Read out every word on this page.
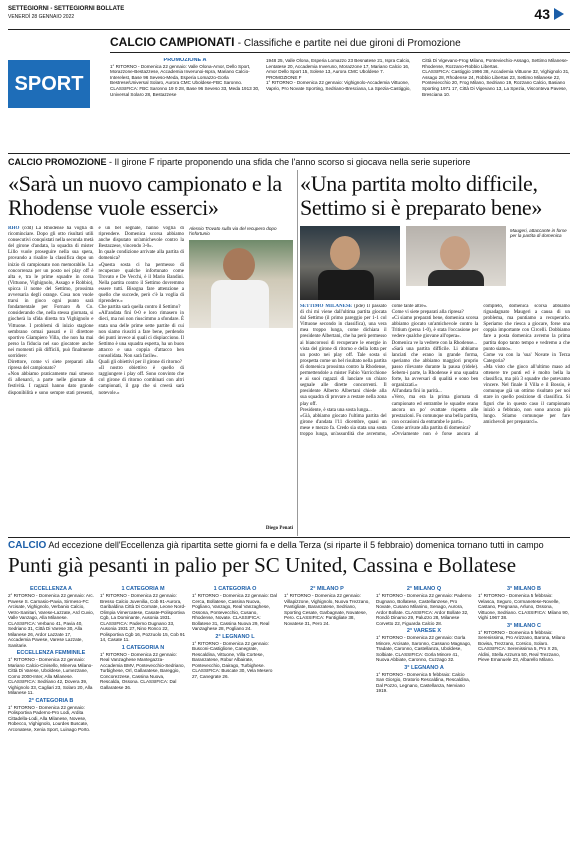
SETTEGIORNI - SETTEGIORNI BOLLATE
VENERDÌ 28 GENNAIO 2022	43
SPORT
CALCIO CAMPIONATI - Classifiche e partite nei due gironi di Promozione
PROMOZIONE A
1° RITORNO - Domenica 22 gennaio: Valle Olona-Amor, Dello Sport, Morazzone-Bestazzese, Accademia Inverunoi-Ispra, Mariano Calcio-Interelest, Base 96 Seveso-Meda, Esperia Lomazzo-Gorla Bestrese/Universal Solaro, Aurora CMC Uboldese-FBC Saronno.
CLASSIFICA: FBC Saronno 19 0 28, Base 96 Seveso 33, Meda 1913 30, Universal Solaro 28, Bestazzese
1948 25, Valle Olona, Esperia Lomazzo 23 Besnatese 21, Ispra Calcio, Lentatese 20, Accademia Inveruno, Morazzone 17, Mariano Calcio 16, Amor Dello Sport 15, Solese 13, Aurora CMC Uboldese 7.
PROMOZIONE F
1° RITORNO - Domenica 22 gennaio: Vighignolo-Accademia Vittuone, Vaprio, Pro Novate Sporting, Sedriano-Bresciana, La Spezia-Castiggio,
Città Di Vigevano-Frog Milano, Ponteviechio-Assago, Settimo Milanese-Rhodense, Rozzano-Robbio Libertas.
CLASSIFICA: Castiggio 1996 38, Accademia Vittuone 32, Vighignolo 31, Assago 28, Rhodense 24, Robbio Libertas 23, Settimo Milanese 22, Ponteviecchio 20, Frog Milano, Sedriano 19, Rozzano Calcio, Basiano Sporting 1971 17, Città Di Vigevano 13, La Spezia, Visconteva Pavese, Bresciana 10.
CALCIO PROMOZIONE - Il girone F riparte proponendo una sfida che l'anno scorso si giocava nella serie superiore
«Sarà un nuovo campionato e la Rhodense vuole esserci»
«Una partita molto difficile, Settimo si è preparato bene»
RHO (cdd) La Rhodense ha voglia di ricominciare. Dopo gli otto risultati utili consecutivi conquistati nella seconda metà del girone d'andata, la squadra di mister Lillo vuole proseguire nella sua spera, provando a risalire la classifica dopo un inizio di campionato non memorabile. La concorrenza per un posto nei play off è alta e, tra le prime squadre in corsa (Vittuone, Vighignolo, Assago e Robbio), spicca il nome del Settimo, prossima avversaria degli orange. Cosa non vuole trarsi in gioco ogni punto sarà fondamentale per Fornaro & Co. considerando che, nella stessa giornata, si giocherà la sfida diretta tra Vighignolo e Vittuone. I problemi di inizio stagione sembrano ormai passati e il direttore sportivo Giampiero Villa, che non ha mai perso la fiducia nel suo giocatore anche nei momenti più difficili, può finalmente sorridere:
Direttore, come vi siete preparati alla ripresa del campionato?
«Non abbiamo praticamente mai smesso di allenarci, a parte nelle giornate di festività. I ragazzi hanno dato grande disponibilità e sono sempre stati presenti, è un bel segnale, hanno voglia di riprendere. Domenica scorsa abbiamo anche disputato un'amichevole contro la Bestazzese, vincendo 3-0».
In quale condizione arrivate alla partita di domenica?
«Questa sosta ci ha permesso di recuperare qualche infortunato come Trovato e De Vecchi, è il Mario Bandini. Nella partita contro il Settimo dovremmo essere tutti. Bisogna fare attenzione a quello che succede, però c'è la voglia di riprendere.»
Che partita sarà quella contro il Settimo?
«All'andata finì 0-0 e loro rimasero in dieci, ma noi non riuscimmo a sfondare. È stata una delle prime sette partite di cui non siamo riusciti a fare bene, perdendo dei punti invece ai quali ci dispiacciono. Il Settimo è una squadra esperta, ha un buon attacco e una coppia d'attacco ben consolidata. Non sarà facile».
Quali gli obiettivi per il girone di ritorno?
«Il nostro obiettivo è quello di raggiungere i play off. Sono convinto che col girone di ritorno combinati con altri campionati, il gap che si creerà sarà notevole.»
Alessio Trovato sulla via del recupero dopo l'infortunio
Diego Penati
Maugeri, attaccante in forse per la partita di domenica
SETTIMO MILANESE (pde) Il passato di chi mi viene dall'ultima partita giocata dal Settimo (il primo pareggio per 1-1 col Vittuone secondo in classifica), una vera mea troppo lunga, come dichiara il presidente Albertani, che ha però permesso ai biancorossi di recuperare le energie in vista del girone di ritorno e della lotta per un posto nei play off. Tale sosta si prospetta come un bel risultato nella partita di domenica prossima contro la Rhodense, permettendole a mister Fabio Varricchione e ai suoi ragazzi di lanciare un chiaro segnale alle dirette concorrenti. Il presidente Alberto Albertani chiede alla sua squadra di provare a restare nella zona play off.
Presidente, è stata una sosta lunga...
«Già, abbiamo giocato l'ultima partita del girone d'andata l'11 dicembre, quasi un mese e mezzo fa. Credo sia stata una sosta troppo lunga, un'assurdità che avremmo, come tante altre».
Come vi siete preparati alla ripresa?
«Ci siamo preparati bene, domenica scorsa abbiamo giocato un'amichevole contro la Tritium (persa 1-0), è stata l'occasione per vedere qualche giovane all'opera».
Domenica ve la vedrete con la Rhodense...
«Sarà una partita difficile. Li abbiamo lanciati che erano in grande forma, speriamo che abbiamo maggiori proprio passo rilevante durante la pausa (ridele). Sebem-i parte, la Rhodense è una squadra forte, ha avversari di qualità e sono ben organizzati.»
All'andata finì in parità...
«Vero, ma era la prima giornata di campionato ed entrambe le squadre erano ancora un po' ovattate rispetto alle prestazioni. Fu comunque una bella partita, con occasioni da entrambe le parti».
Come arrivate alla partita di domenica?
«Ovviamente non è forse ancora al completo, domenica scorsa abbiamo riguadagnato Maugeri a causa di un problema, ma puntiamo a recuperarlo. Speriamo che riesca a giocare, forse una coppia importante con Circelli. Dobbiamo fare a posta domenica avremo la prima partita dopo tanto tempo e vedremo a che punto siamo».
Come va con la 'sua' Novate in Terza Categoria?
«Ma visto che gioco all'ultimo maso ad ottenere tre punti ed è molto bella la classifica, ma più 3 squadre che potevamo vincere. Nel finale il Villa e il Bossio, è comunque già un ottimo risultato per noi stare in quello posizione di classifica. Si figuri che in questo caso il campionato iniziò a febbraio, non sono ancora più lungo. Stiamo comunque per fare amichevoli per prepararci».
CALCIO Ad eccezione dell'Eccellenza già ripartita sette giorni fa e della Terza (si riparte il 5 febbraio) domenica tornano tutti in campo
Punti già pesanti in palio per SC United, Cassina e Bollatese
ECCELLENZA A
2° RITORNO - Domenica 22 gennaio: Arc. Pavese S. Carnasio-Pavia, Sirmeso-FC Arcisate, Vighignolo, Verbanio Calcio, Vetro-Sanitari, Varese-Lazzate, Ard Cuvio, Valle Vanzago, Alla Milanese. CLASSIFICA: Verbano 41, Pavia 40, Sedriano 31, Città Di Varese 30, Alla Milanese 26, Ardor Lazzate 17, Accademia Pavese, Varese Lazzate, Sanitarie.
ECCELLENZA FEMMINILE
1° RITORNO - Domenica 22 gennaio: Mariano Calcio-Cinisello, Minerva Milano-Città Di Varese, Uboldese, Lumezzane, Como 2000-Inter, Alla Milanese. CLASSIFICA: Sedriano 42, Dovera 39, Vighignolo 33, Cagliari 23, Solaro 20, Alla Milanese 11.
2° CATEGORIA B
1° RITORNO - Domenica 22 gennaio: Polisportiva Paderno-Pro Lodi, Ardita Cittadella-Lodi, Alla Milanese, Novese, Robecco, Vighignolo, Lourdes Buscate, Arconatese, Xenia Sport, Luinago Porto.
1 CATEGORIA M
1° RITORNO - Domenica 22 gennaio: Bresso Calcio Juvenilia, Cob 91-Aurora, Garibaldina Città Di Cornate, Leone Nord-Olimpia Vimercatese, Casate-Polisportiva Cgb, La Dominante, Ausonia 1931. CLASSIFICA: Paderno Dugnano 33, Ausonia 1931 27, Nino Ronco 22, Polisportiva Cgb 16, Pozzuolo 15, Cob 91 14, Casate 11.
1 CATEGORIA N
1° RITORNO - Domenica 22 gennaio: Real Vanzaghese Mantegazza-Accademia BMV, Pontevecchio-Sedriano, Turbighese, Orl, Gallaratese, Bareggio, Concorezzese, Cassina Nuova, Rescalda, Ossona. CLASSIFICA: Dal Gallaratese 36.
1 CATEGORIA O
1° RITORNO - Domenica 22 gennaio: Dal Cerca, Bollatese, Cassina Nuova, Pogliano, Vanzago, Real Vanzaghese, Ossona, Pontevecchio, Cusano, Rhodense, Novate. CLASSIFICA: Bollatese 31, Cassina Nuova 29, Real Vanzaghese 28, Pogliano 24.
2° LEGNANO L
1° RITORNO - Domenica 22 gennaio: Busconi-Castiglione, Canegrate, Rescaldina, Vittuone, Villa Cortese, Baranzatese, Robur Albairate, Pontevecchio, Dairago, Turbighese. CLASSIFICA: Buscate 30, Vela Mesero 27, Canegrate 26.
2° MILANO P
1° RITORNO - Domenica 22 gennaio: Villapizzone, Vighignolo, Nuova Trezzano, Pantigliate, Baranzatese, Sedriano, Sporting Cesate, Garbagnate, Novatese, Pero. CLASSIFICA: Pantigliate 38, Novatese 31, Pero 24.
2° MILANO Q
1° RITORNO - Domenica 22 gennaio: Paderno Dugnano, Bollatese, Castellanzese, Pro Novate, Cusano Milanino, Senago, Aurora, Ardor Bollate. CLASSIFICA: Ardor Bollate 32, Rondò Dinamo 29, Paluzzo 28, Milanese Corvetto 22, Figuarda Calcio 28.
2° VARESE X
1° RITORNO - Domenica 22 gennaio: Gorla Minore, Arcisate, Saronno, Cassano Magnago, Tradate, Caronno, Castellanza, Uboldese, Solbiate. CLASSIFICA: Gorla Minore 41, Nuova Abbiate, Caronno, Cuzzago 32.
3° LEGNANO A
1° RITORNO - Domenica 5 febbraio: Calcio San Giorgio, Oratorio Rescaldina, Rescaldina, Dal Pozzo, Legnano, Castellanza, Nerviano 1919.
3° MILANO B
1° RITORNO - Domenica 5 febbraio: Velasca, Seguro, Cormanetese-Novelle, Castano, Pregnana, Arluno, Ossona, Vittuone, Sedriano. CLASSIFICA: Milano 90, Vighi 1967 38.
3° MILANO C
1° RITORNO - Domenica 5 febbraio: Serenissima, Pro Arizzano, Barona, Milano Bovisa, Trezzano, Corsico, Solaro. CLASSIFICA: Serenissima 5, Pro X 25, Aldini, Stella Azzurra 50, Real Trezzano, Pieve Emanuele 23, Albarello Milano.
